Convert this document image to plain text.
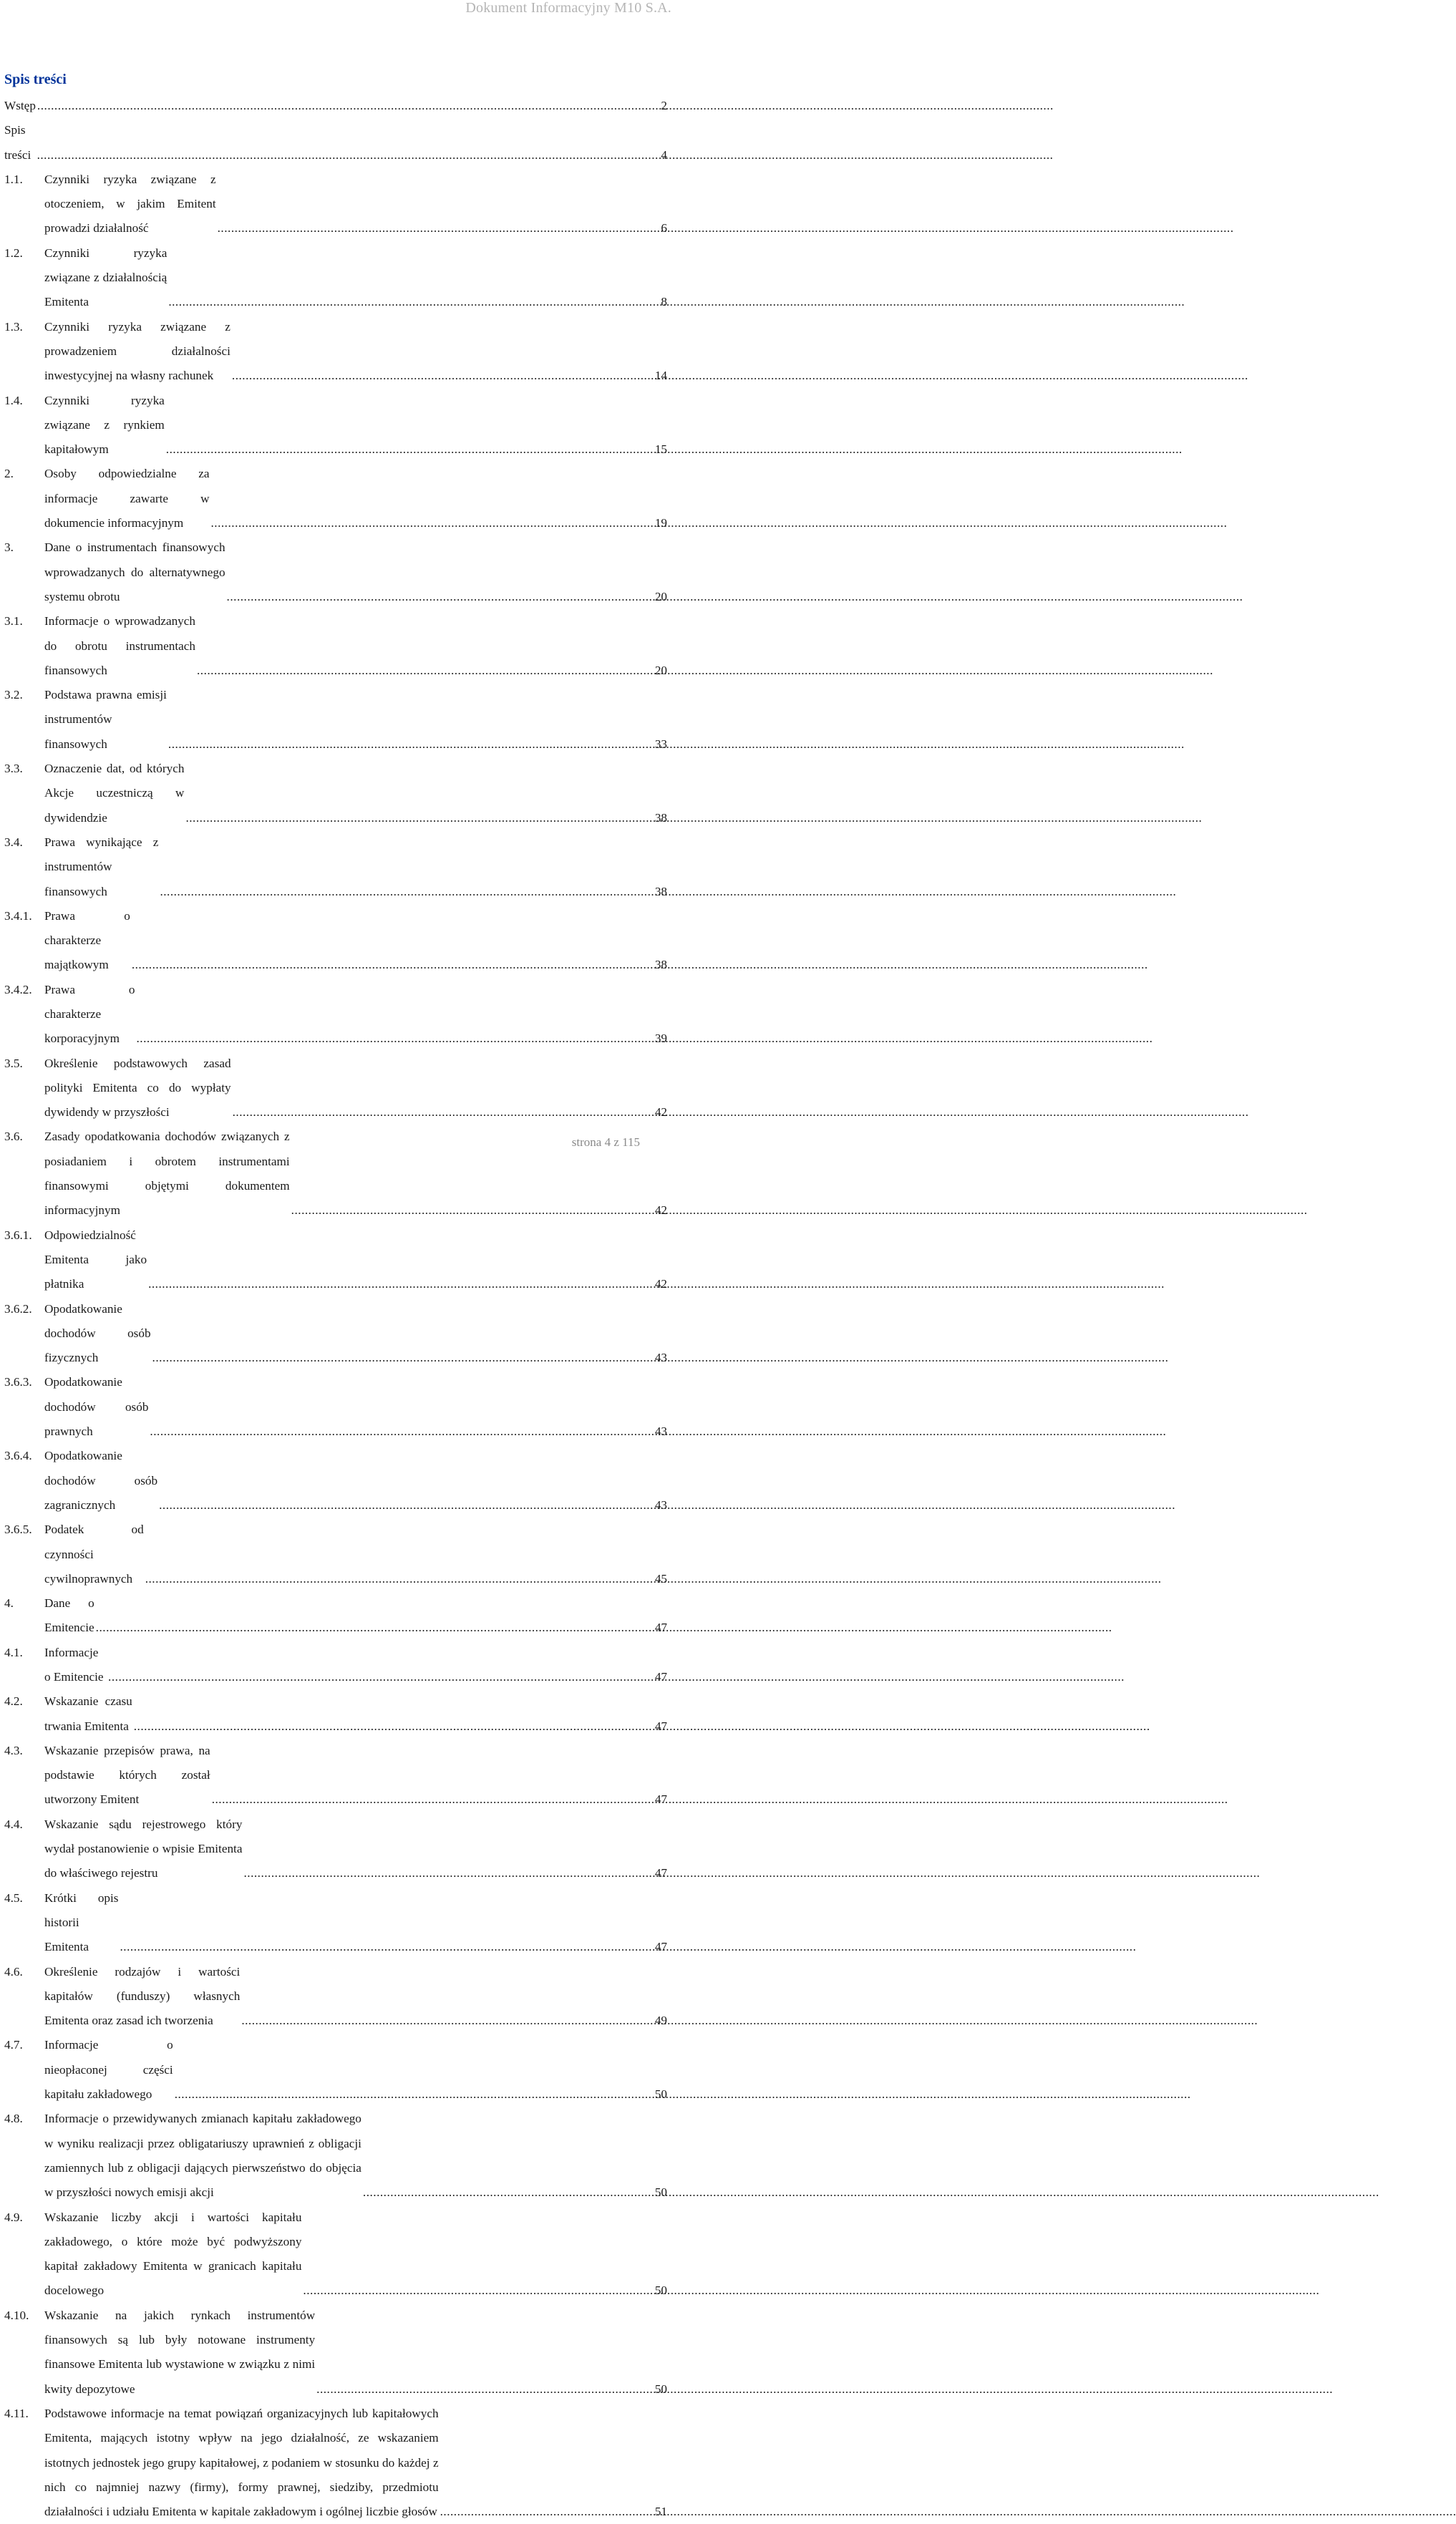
Dokument Informacyjny M10 S.A.
Spis treści
Wstęp .....	2
Spis treści .....	4
1.1.	Czynniki ryzyka związane z otoczeniem, w jakim Emitent prowadzi działalność .....	6
1.2.	Czynniki ryzyka związane z działalnością Emitenta .....	8
1.3.	Czynniki ryzyka związane z prowadzeniem działalności inwestycyjnej na własny rachunek .....	14
1.4.	Czynniki ryzyka związane z rynkiem kapitałowym .....	15
2.	Osoby odpowiedzialne za informacje zawarte w dokumencie informacyjnym .....	19
3.	Dane o instrumentach finansowych wprowadzanych do alternatywnego systemu obrotu .....	20
3.1.	Informacje o wprowadzanych do obrotu instrumentach finansowych .....	20
3.2.	Podstawa prawna emisji instrumentów finansowych .....	33
3.3.	Oznaczenie dat, od których Akcje uczestniczą w dywidendzie .....	38
3.4.	Prawa wynikające z instrumentów finansowych .....	38
3.4.1.	Prawa o charakterze majątkowym .....	38
3.4.2.	Prawa o charakterze korporacyjnym .....	39
3.5.	Określenie podstawowych zasad polityki Emitenta co do wypłaty dywidendy w przyszłości .....	42
3.6.	Zasady opodatkowania dochodów związanych z posiadaniem i obrotem instrumentami finansowymi objętymi dokumentem informacyjnym .....	42
3.6.1.	Odpowiedzialność Emitenta jako płatnika .....	42
3.6.2.	Opodatkowanie dochodów osób fizycznych .....	43
3.6.3.	Opodatkowanie dochodów osób prawnych .....	43
3.6.4.	Opodatkowanie dochodów osób zagranicznych .....	43
3.6.5.	Podatek od czynności cywilnoprawnych .....	45
4.	Dane o Emitencie .....	47
4.1.	Informacje o Emitencie .....	47
4.2.	Wskazanie czasu trwania Emitenta .....	47
4.3.	Wskazanie przepisów prawa, na podstawie których został utworzony Emitent .....	47
4.4.	Wskazanie sądu rejestrowego który wydał postanowienie o wpisie Emitenta do właściwego rejestru .....	47
4.5.	Krótki opis historii Emitenta .....	47
4.6.	Określenie rodzajów i wartości kapitałów (funduszy) własnych Emitenta oraz zasad ich tworzenia .....	49
4.7.	Informacje o nieopłaconej części kapitału zakładowego .....	50
4.8.	Informacje o przewidywanych zmianach kapitału zakładowego w wyniku realizacji przez obligatariuszy uprawnień z obligacji zamiennych lub z obligacji dających pierwszeństwo do objęcia w przyszłości nowych emisji akcji .....	50
4.9.	Wskazanie liczby akcji i wartości kapitału zakładowego, o które może być podwyższony kapitał zakładowy Emitenta w granicach kapitału docelowego .....	50
4.10.	Wskazanie na jakich rynkach instrumentów finansowych są lub były notowane instrumenty finansowe Emitenta lub wystawione w związku z nimi kwity depozytowe .....	50
4.11.	Podstawowe informacje na temat powiązań organizacyjnych lub kapitałowych Emitenta, mających istotny wpływ na jego działalność, ze wskazaniem istotnych jednostek jego grupy kapitałowej, z podaniem w stosunku do każdej z nich co najmniej nazwy (firmy), formy prawnej, siedziby, przedmiotu działalności i udziału Emitenta w kapitale zakładowym i ogólnej liczbie głosów .....	51
strona 4 z 115
